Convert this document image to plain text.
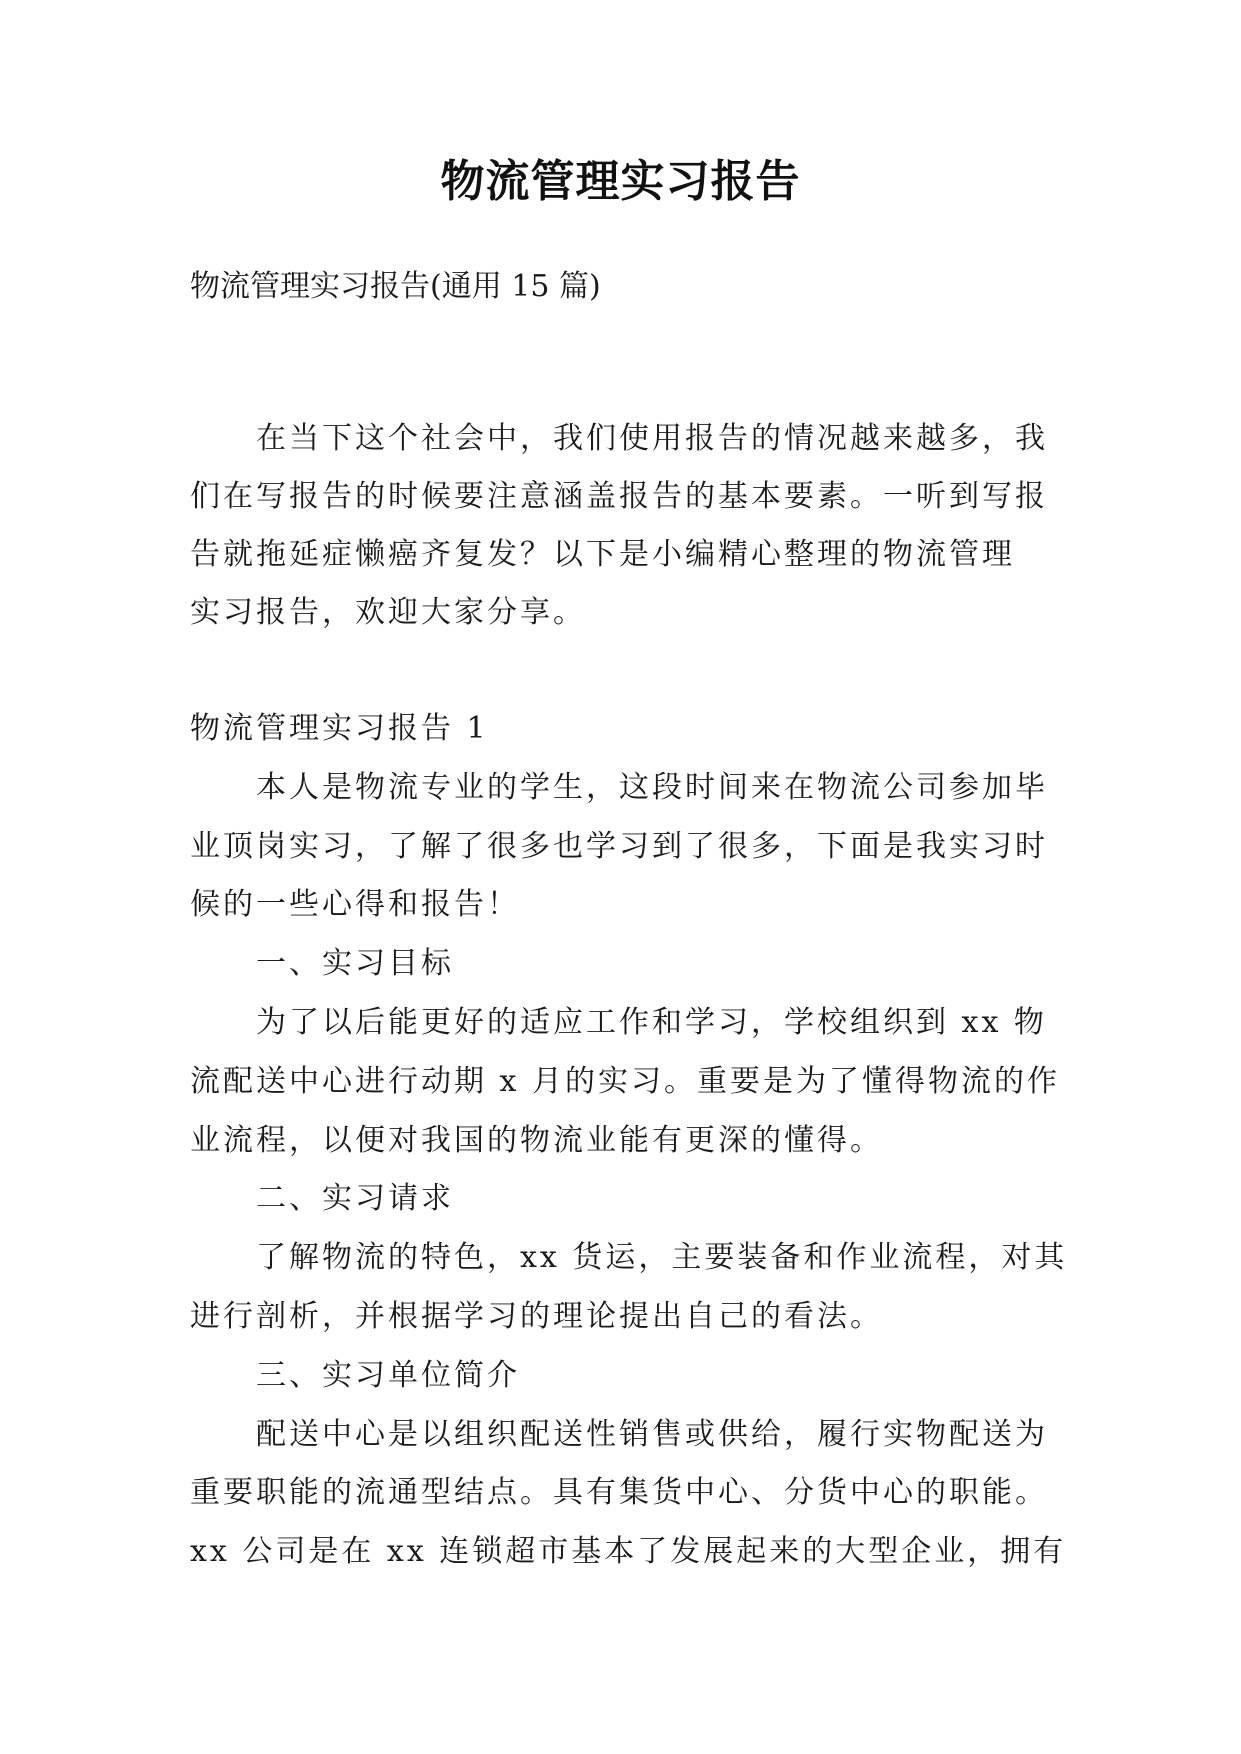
物流管理实习报告
物流管理实习报告(通用 15 篇)
在当下这个社会中，我们使用报告的情况越来越多，我
们在写报告的时候要注意涵盖报告的基本要素。一听到写报
告就拖延症懒癌齐复发？以下是小编精心整理的物流管理
实习报告，欢迎大家分享。
物流管理实习报告 1
本人是物流专业的学生，这段时间来在物流公司参加毕
业顶岗实习，了解了很多也学习到了很多，下面是我实习时
候的一些心得和报告！
一、实习目标
为了以后能更好的适应工作和学习，学校组织到 xx 物
流配送中心进行动期 x 月的实习。重要是为了懂得物流的作
业流程，以便对我国的物流业能有更深的懂得。
二、实习请求
了解物流的特色，xx 货运，主要装备和作业流程，对其
进行剖析，并根据学习的理论提出自己的看法。
三、实习单位简介
配送中心是以组织配送性销售或供给，履行实物配送为
重要职能的流通型结点。具有集货中心、分货中心的职能。
xx 公司是在 xx 连锁超市基本了发展起来的大型企业，拥有
